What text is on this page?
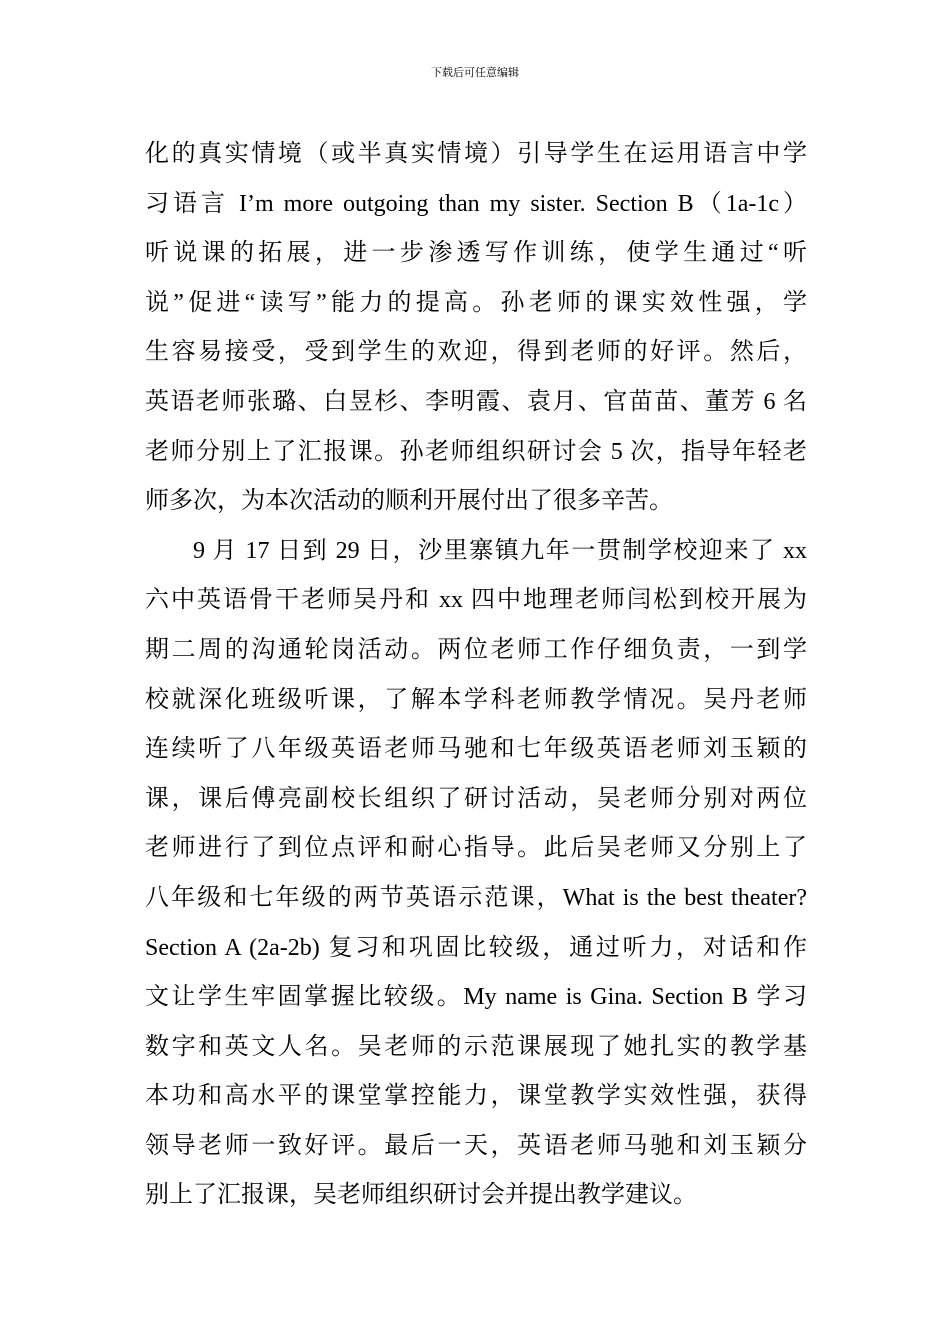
下载后可任意编辑
化的真实情境（或半真实情境）引导学生在运用语言中学
习语言 I’m more outgoing than my sister. Section B（1a-1c）
听说课的拓展，进一步渗透写作训练，使学生通过“听
说”促进“读写”能力的提高。孙老师的课实效性强，学
生容易接受，受到学生的欢迎，得到老师的好评。然后，
英语老师张璐、白昱杉、李明霞、袁月、官苗苗、董芳 6 名
老师分别上了汇报课。孙老师组织研讨会 5 次，指导年轻老
师多次，为本次活动的顺利开展付出了很多辛苦。
9 月 17 日到 29 日，沙里寨镇九年一贯制学校迎来了 xx
六中英语骨干老师吴丹和 xx 四中地理老师闫松到校开展为
期二周的沟通轮岗活动。两位老师工作仔细负责，一到学
校就深化班级听课，了解本学科老师教学情况。吴丹老师
连续听了八年级英语老师马驰和七年级英语老师刘玉颖的
课，课后傅亮副校长组织了研讨活动，吴老师分别对两位
老师进行了到位点评和耐心指导。此后吴老师又分别上了
八年级和七年级的两节英语示范课，What is the best theater?
Section A (2a-2b) 复习和巩固比较级，通过听力，对话和作
文让学生牢固掌握比较级。My name is Gina. Section B 学习
数字和英文人名。吴老师的示范课展现了她扎实的教学基
本功和高水平的课堂掌控能力，课堂教学实效性强，获得
领导老师一致好评。最后一天，英语老师马驰和刘玉颖分
别上了汇报课，吴老师组织研讨会并提出教学建议。
